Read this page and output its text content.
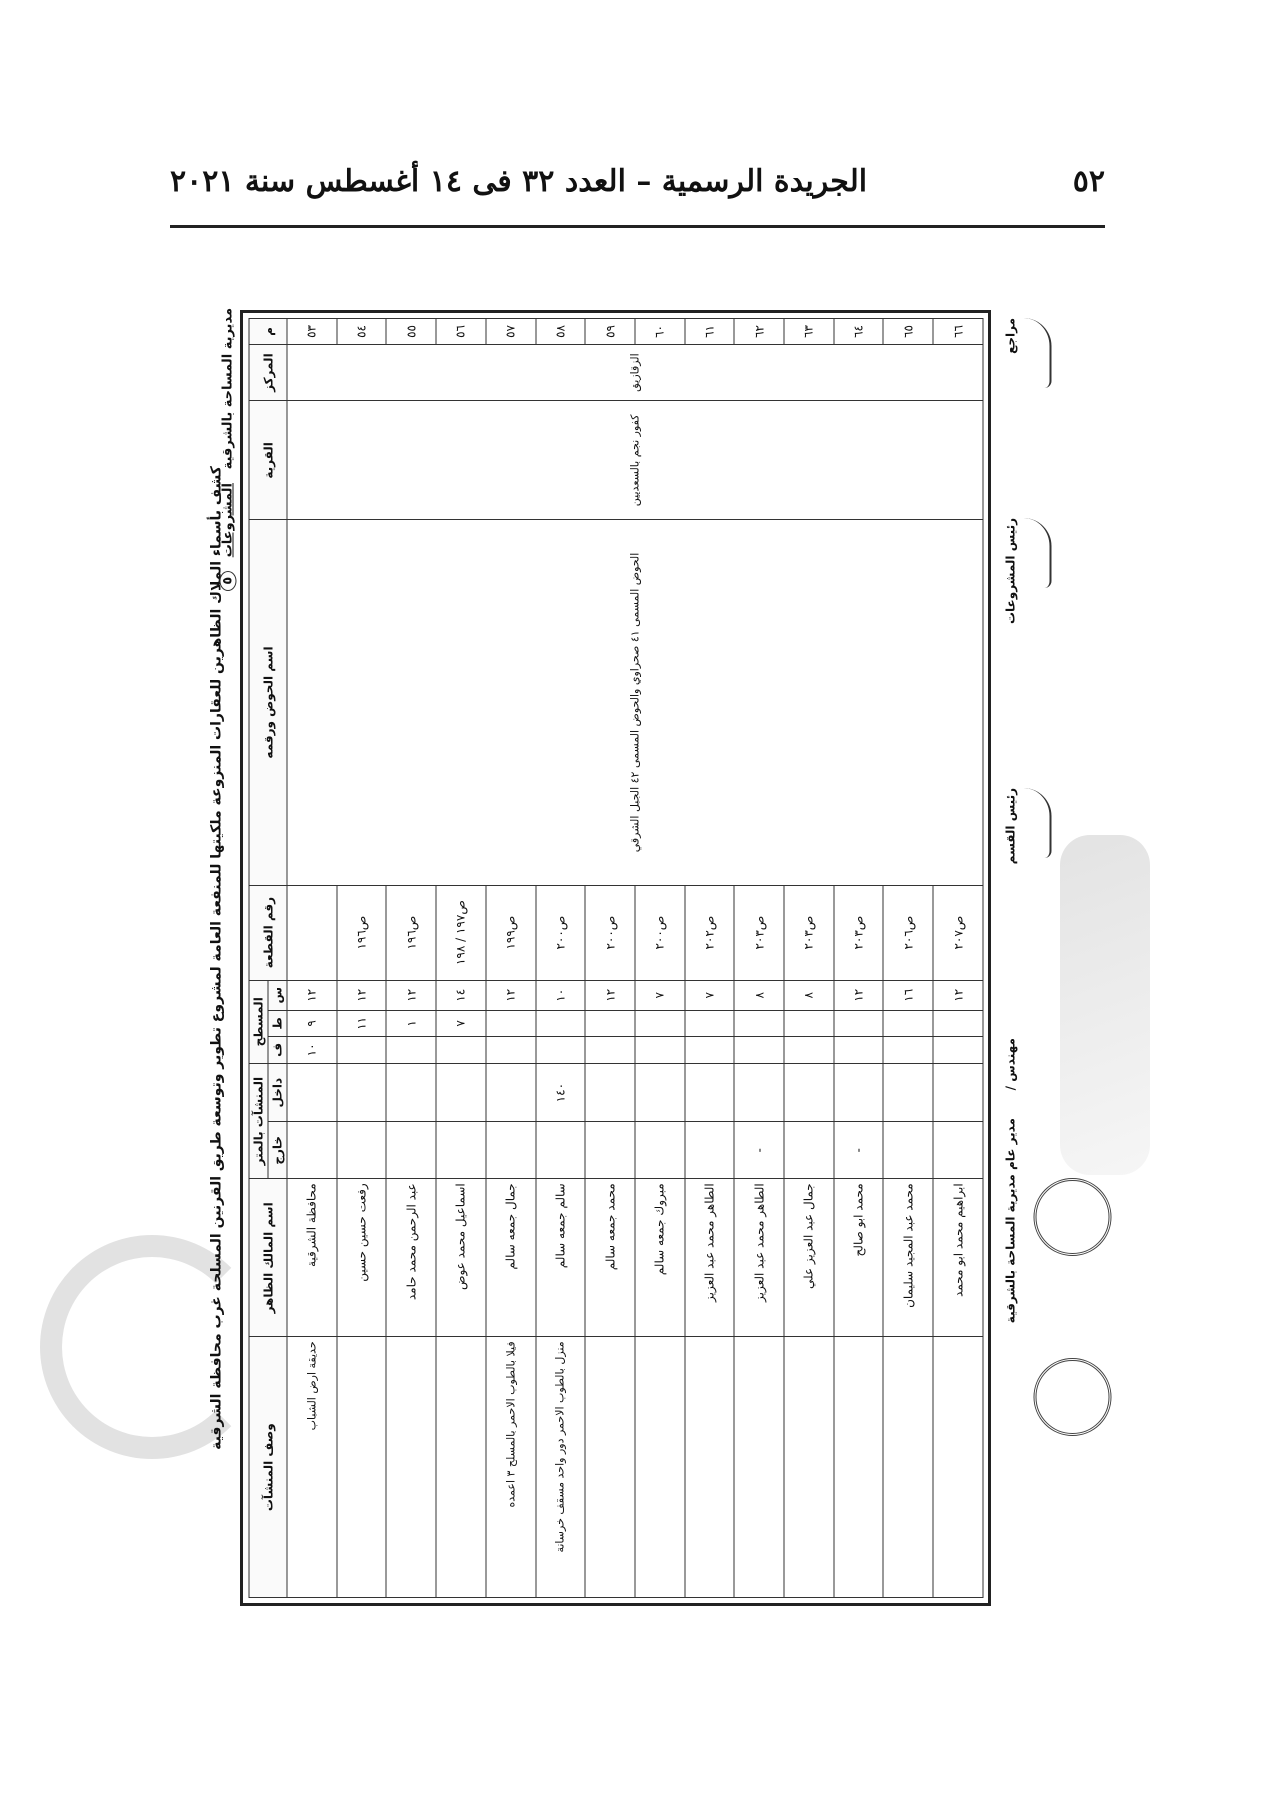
٥٢
الجريدة الرسمية – العدد ٣٢ فى ١٤ أغسطس سنة ٢٠٢١
كشف بأسماء الملاك الظاهرين للعقارات المنزوعة ملكيتها للمنفعة العامة لمشروع تطوير وتوسعة طريق القرنين المسلحة غرب محافظة الشرقية
مديرية المساحة بالشرقية   المشروعات   ٥
م	المركز	القرية	اسم الحوض ورقمه	رقم القطعة	المسطح			المنشآت بالمتر		اسم المالك الظاهر	وصف المنشآت
					س	ط	ف	داخل	خارج		
٥٣	الزقازيق	كفور نجم بالسعديين	الحوض المسمى ٤١ صحراوي والحوض المسمى ٤٢ الجبل الشرقي		١٢	٩	١٠			محافظة الشرقية	حديقة ارض الشباب
٥٤				ص١٩٦	١٢	١١				رفعت حسين حسين	
٥٥				ص١٩٦	١٢	١				عبد الرحمن محمد حامد	
٥٦				ص١٩٧ / ١٩٨	١٤	٧				اسماعيل محمد عوض	
٥٧				ص١٩٩	١٢					جمال جمعه سالم	فيلا بالطوب الاحمر بالمسلح ٣ اعمده
٥٨				ص٢٠٠	١٠			١٤٠		سالم جمعه سالم	منزل بالطوب الاحمر دور واحد مسقف خرسانة
٥٩				ص٢٠٠	١٢					محمد جمعه سالم	
٦٠				ص٢٠٠	٧					مبروك جمعه سالم	
٦١				ص٢٠٢	٧					الطاهر محمد عبد العزيز	
٦٢				ص٢٠٣	٨				-	الطاهر محمد عبد العزيز	
٦٣				ص٢٠٣	٨					جمال عبد العزيز علي	
٦٤				ص٢٠٣	١٢				-	محمد ابو صالح	
٦٥				ص٢٠٦	١٦					محمد عبد المجيد سليمان	
٦٦				ص٢٠٧	١٢					ابراهيم محمد ابو محمد	
مراجع
رئيس المشروعات
رئيس القسم
مهندس /
مدير عام مديرية المساحة بالشرقية
